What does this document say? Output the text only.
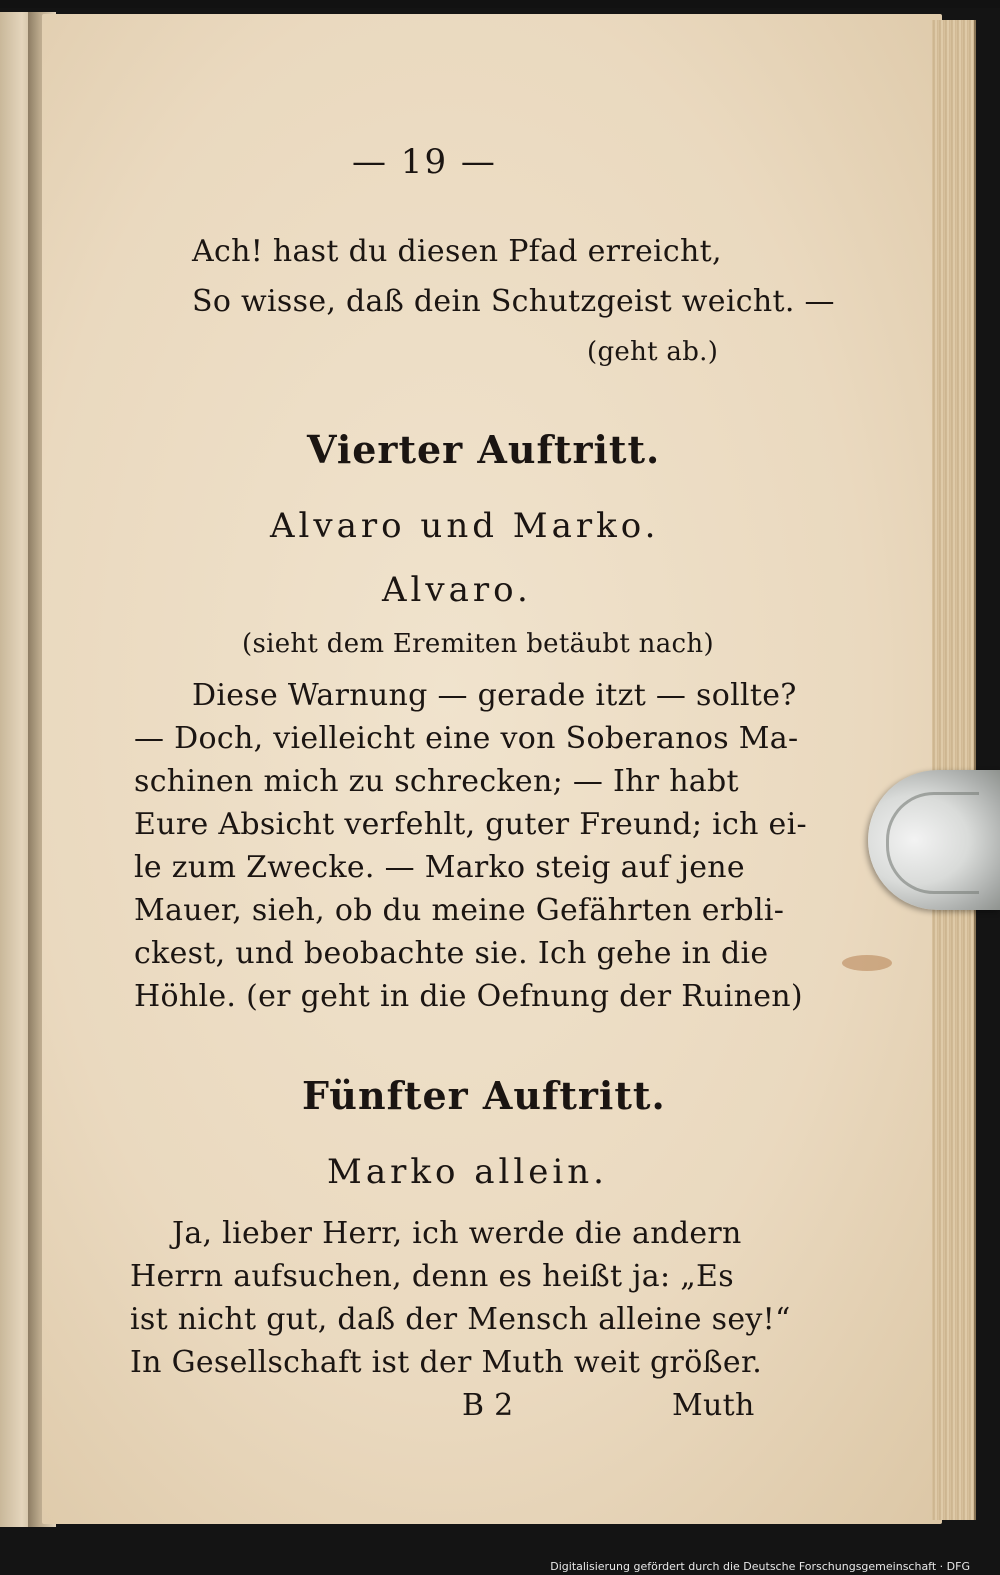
— 19 —
Ach! hast du diesen Pfad erreicht,
So wisse, daß dein Schutzgeist weicht. —
(geht ab.)
Vierter Auftritt.
Alvaro und Marko.
Alvaro.
(sieht dem Eremiten betäubt nach)
Diese Warnung — gerade itzt — sollte?
— Doch, vielleicht eine von Soberanos Ma-
schinen mich zu schrecken; — Ihr habt
Eure Absicht verfehlt, guter Freund; ich ei-
le zum Zwecke. — Marko steig auf jene
Mauer, sieh, ob du meine Gefährten erbli-
ckest, und beobachte sie. Ich gehe in die
Höhle. (er geht in die Oefnung der Ruinen)
Fünfter Auftritt.
Marko allein.
Ja, lieber Herr, ich werde die andern
Herrn aufsuchen, denn es heißt ja: „Es
ist nicht gut, daß der Mensch alleine sey!“
In Gesellschaft ist der Muth weit größer.
B 2	Muth
Digitalisierung gefördert durch die Deutsche Forschungsgemeinschaft · DFG
